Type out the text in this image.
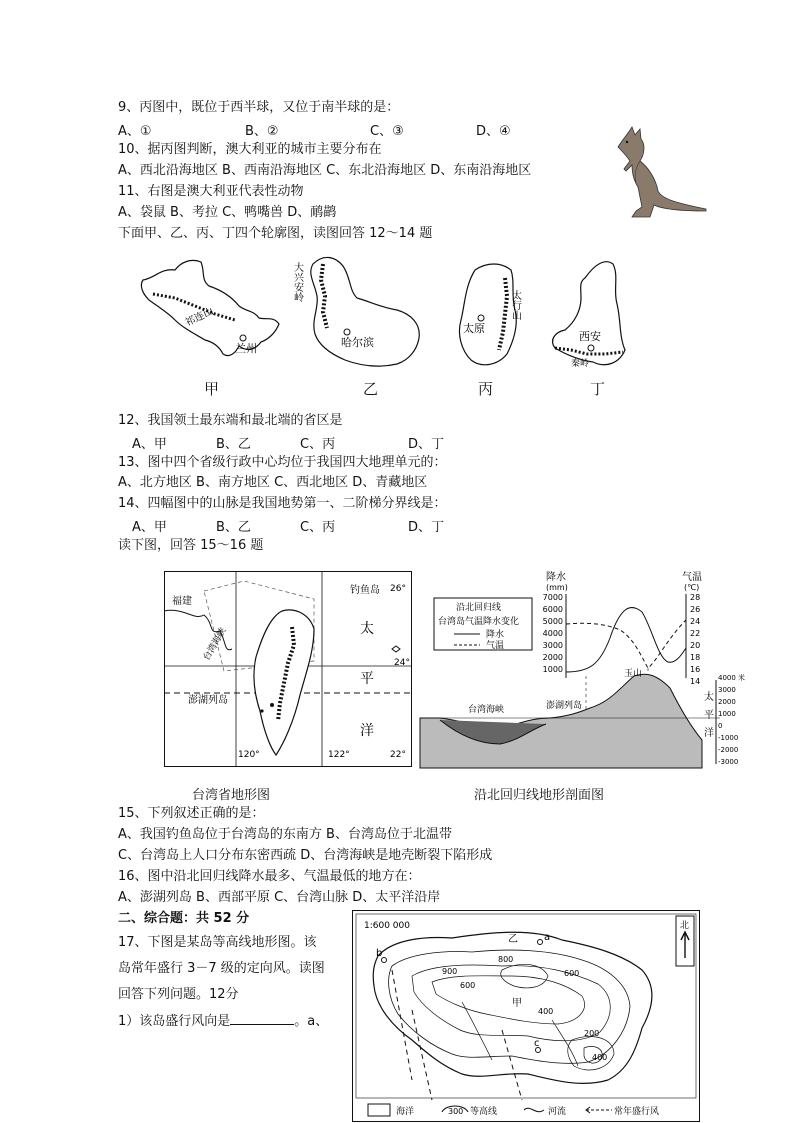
9、丙图中，既位于西半球，又位于南半球的是：
A、①	B、②	C、③	D、④
10、据丙图判断，澳大利亚的城市主要分布在
A、西北沿海地区 B、西南沿海地区 C、东北沿海地区 D、东南沿海地区
11、右图是澳大利亚代表性动物
A、袋鼠 B、考拉 C、鸭嘴兽 D、鸸鹋
下面甲、乙、丙、丁四个轮廓图，读图回答 12～14 题
祁连山
兰州
大兴安岭
哈尔滨
太原
太行山
西安
秦岭
甲	乙	丙	丁
12、我国领土最东端和最北端的省区是
A、甲	B、乙	C、丙	D、丁
13、图中四个省级行政中心均位于我国四大地理单元的：
A、北方地区 B、南方地区 C、西北地区 D、青藏地区
14、四幅图中的山脉是我国地势第一、二阶梯分界线是：
A、甲	B、乙	C、丙	D、丁
读下图，回答 15～16 题
福建
台湾海峡
钓鱼岛 26°
太
平
洋
24°
澎湖列岛
120°	122°	22°
台湾省地形图
降水
(mm)
气温
(℃)
7000
6000
5000
4000
3000
2000
1000
28
26
24
22
20
18
16
14
沿北回归线
台湾岛气温降水变化
降水
气温
台湾海峡	澎湖列岛
玉山
太
平
洋
4000 米
3000
2000
1000
0
-1000
-2000
-3000
沿北回归线地形剖面图
15、下列叙述正确的是：
A、我国钓鱼岛位于台湾岛的东南方 B、台湾岛位于北温带
C、台湾岛上人口分布东密西疏 D、台湾海峡是地壳断裂下陷形成
16、图中沿北回归线降水最多、气温最低的地方在：
A、澎湖列岛 B、西部平原 C、台湾山脉 D、太平洋沿岸
二、综合题：共 52 分
17、下图是某岛等高线地形图。该
岛常年盛行 3－7 级的定向风。读图
回答下列问题。12分
1）该岛盛行风向是	。a、
1:600 000	北
800
600
400
200
900
400
600
a
b
c
甲
乙
海洋	300 等高线	河流	常年盛行风
